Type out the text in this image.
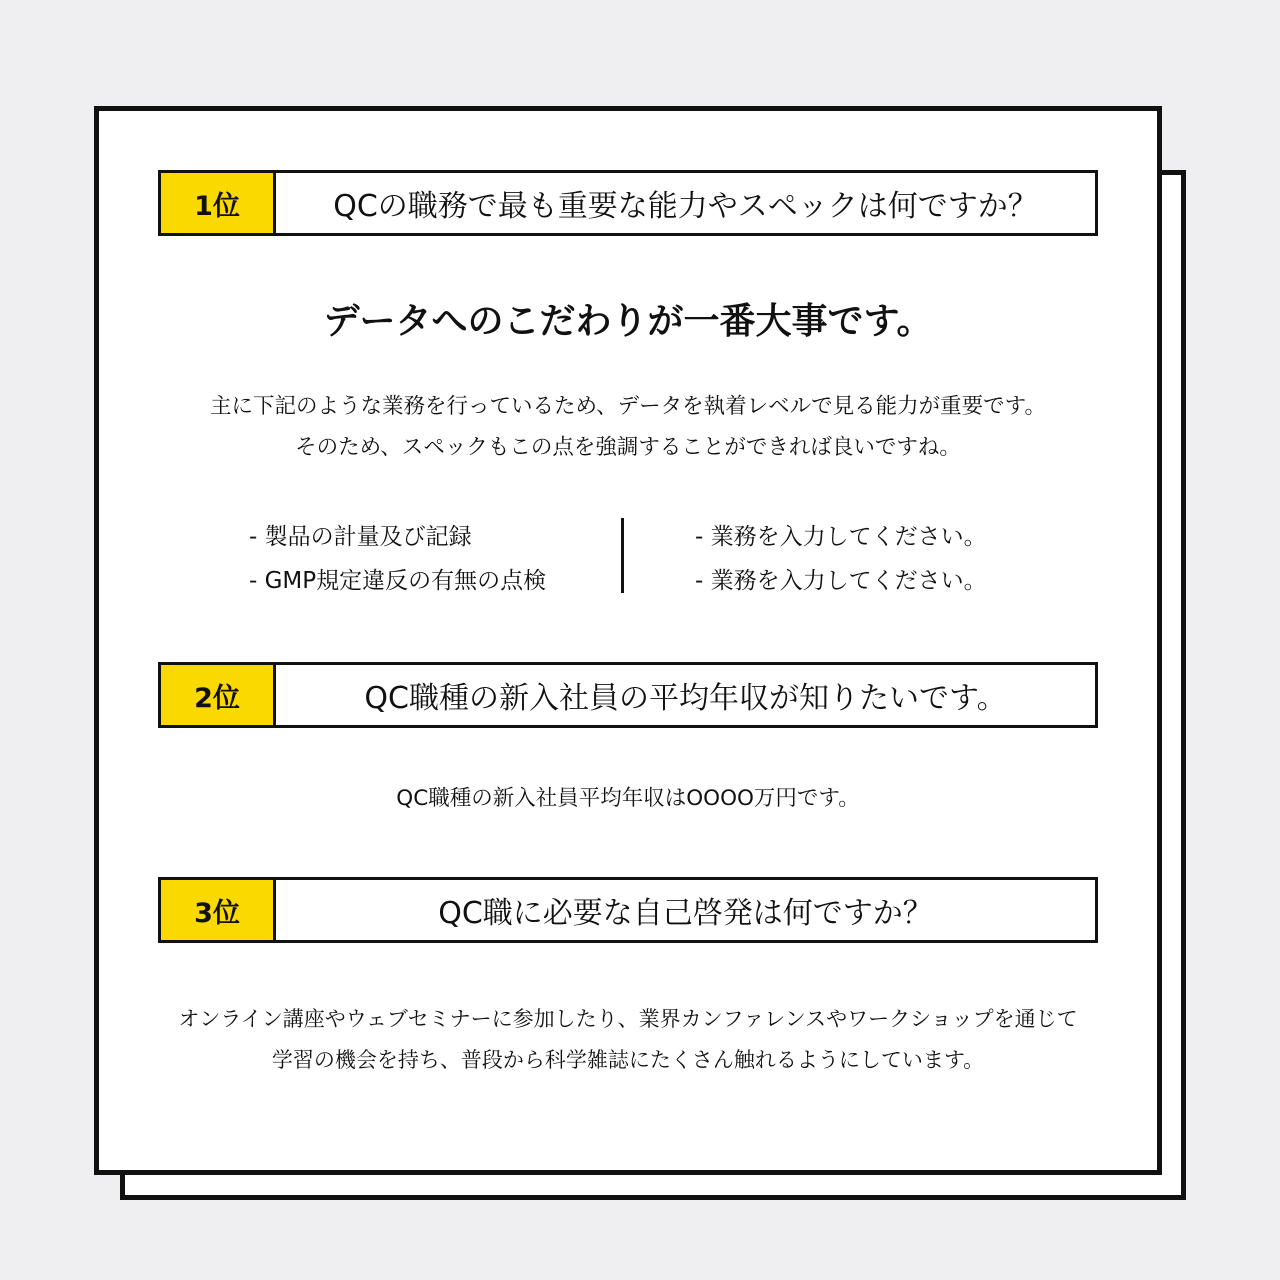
1位	QCの職務で最も重要な能力やスペックは何ですか？
データへのこだわりが一番大事です。
主に下記のような業務を行っているため、データを執着レベルで見る能力が重要です。
そのため、スペックもこの点を強調することができれば良いですね。
- 製品の計量及び記録
- GMP規定違反の有無の点検
- 業務を入力してください。
- 業務を入力してください。
2位	QC職種の新入社員の平均年収が知りたいです。
QC職種の新入社員平均年収はOOOO万円です。
3位	QC職に必要な自己啓発は何ですか？
オンライン講座やウェブセミナーに参加したり、業界カンファレンスやワークショップを通じて
学習の機会を持ち、普段から科学雑誌にたくさん触れるようにしています。
